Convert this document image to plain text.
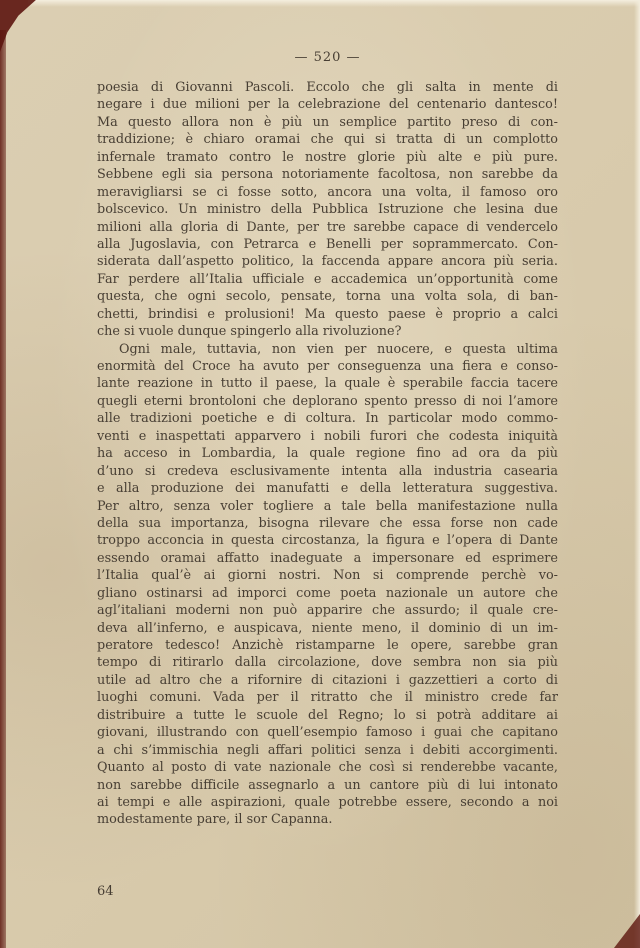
— 520 —
poesia di Giovanni Pascoli. Eccolo che gli salta in mente di
negare i due milioni per la celebrazione del centenario dantesco!
Ma questo allora non è più un semplice partito preso di con-
traddizione; è chiaro oramai che qui si tratta di un complotto
infernale tramato contro le nostre glorie più alte e più pure.
Sebbene egli sia persona notoriamente facoltosa, non sarebbe da
meravigliarsi se ci fosse sotto, ancora una volta, il famoso oro
bolscevico. Un ministro della Pubblica Istruzione che lesina due
milioni alla gloria di Dante, per tre sarebbe capace di vendercelo
alla Jugoslavia, con Petrarca e Benelli per soprammercato. Con-
siderata dall’aspetto politico, la faccenda appare ancora più seria.
Far perdere all’Italia ufficiale e accademica un’opportunità come
questa, che ogni secolo, pensate, torna una volta sola, di ban-
chetti, brindisi e prolusioni! Ma questo paese è proprio a calci
che si vuole dunque spingerlo alla rivoluzione?
Ogni male, tuttavia, non vien per nuocere, e questa ultima
enormità del Croce ha avuto per conseguenza una fiera e conso-
lante reazione in tutto il paese, la quale è sperabile faccia tacere
quegli eterni brontoloni che deplorano spento presso di noi l’amore
alle tradizioni poetiche e di coltura. In particolar modo commo-
venti e inaspettati apparvero i nobili furori che codesta iniquità
ha acceso in Lombardia, la quale regione fino ad ora da più
d’uno si credeva esclusivamente intenta alla industria casearia
e alla produzione dei manufatti e della letteratura suggestiva.
Per altro, senza voler togliere a tale bella manifestazione nulla
della sua importanza, bisogna rilevare che essa forse non cade
troppo acconcia in questa circostanza, la figura e l’opera di Dante
essendo oramai affatto inadeguate a impersonare ed esprimere
l’Italia qual’è ai giorni nostri. Non si comprende perchè vo-
gliano ostinarsi ad imporci come poeta nazionale un autore che
agl’italiani moderni non può apparire che assurdo; il quale cre-
deva all’inferno, e auspicava, niente meno, il dominio di un im-
peratore tedesco! Anzichè ristamparne le opere, sarebbe gran
tempo di ritirarlo dalla circolazione, dove sembra non sia più
utile ad altro che a rifornire di citazioni i gazzettieri a corto di
luoghi comuni. Vada per il ritratto che il ministro crede far
distribuire a tutte le scuole del Regno; lo si potrà additare ai
giovani, illustrando con quell’esempio famoso i guai che capitano
a chi s’immischia negli affari politici senza i debiti accorgimenti.
Quanto al posto di vate nazionale che così si renderebbe vacante,
non sarebbe difficile assegnarlo a un cantore più di lui intonato
ai tempi e alle aspirazioni, quale potrebbe essere, secondo a noi
modestamente pare, il sor Capanna.
64
